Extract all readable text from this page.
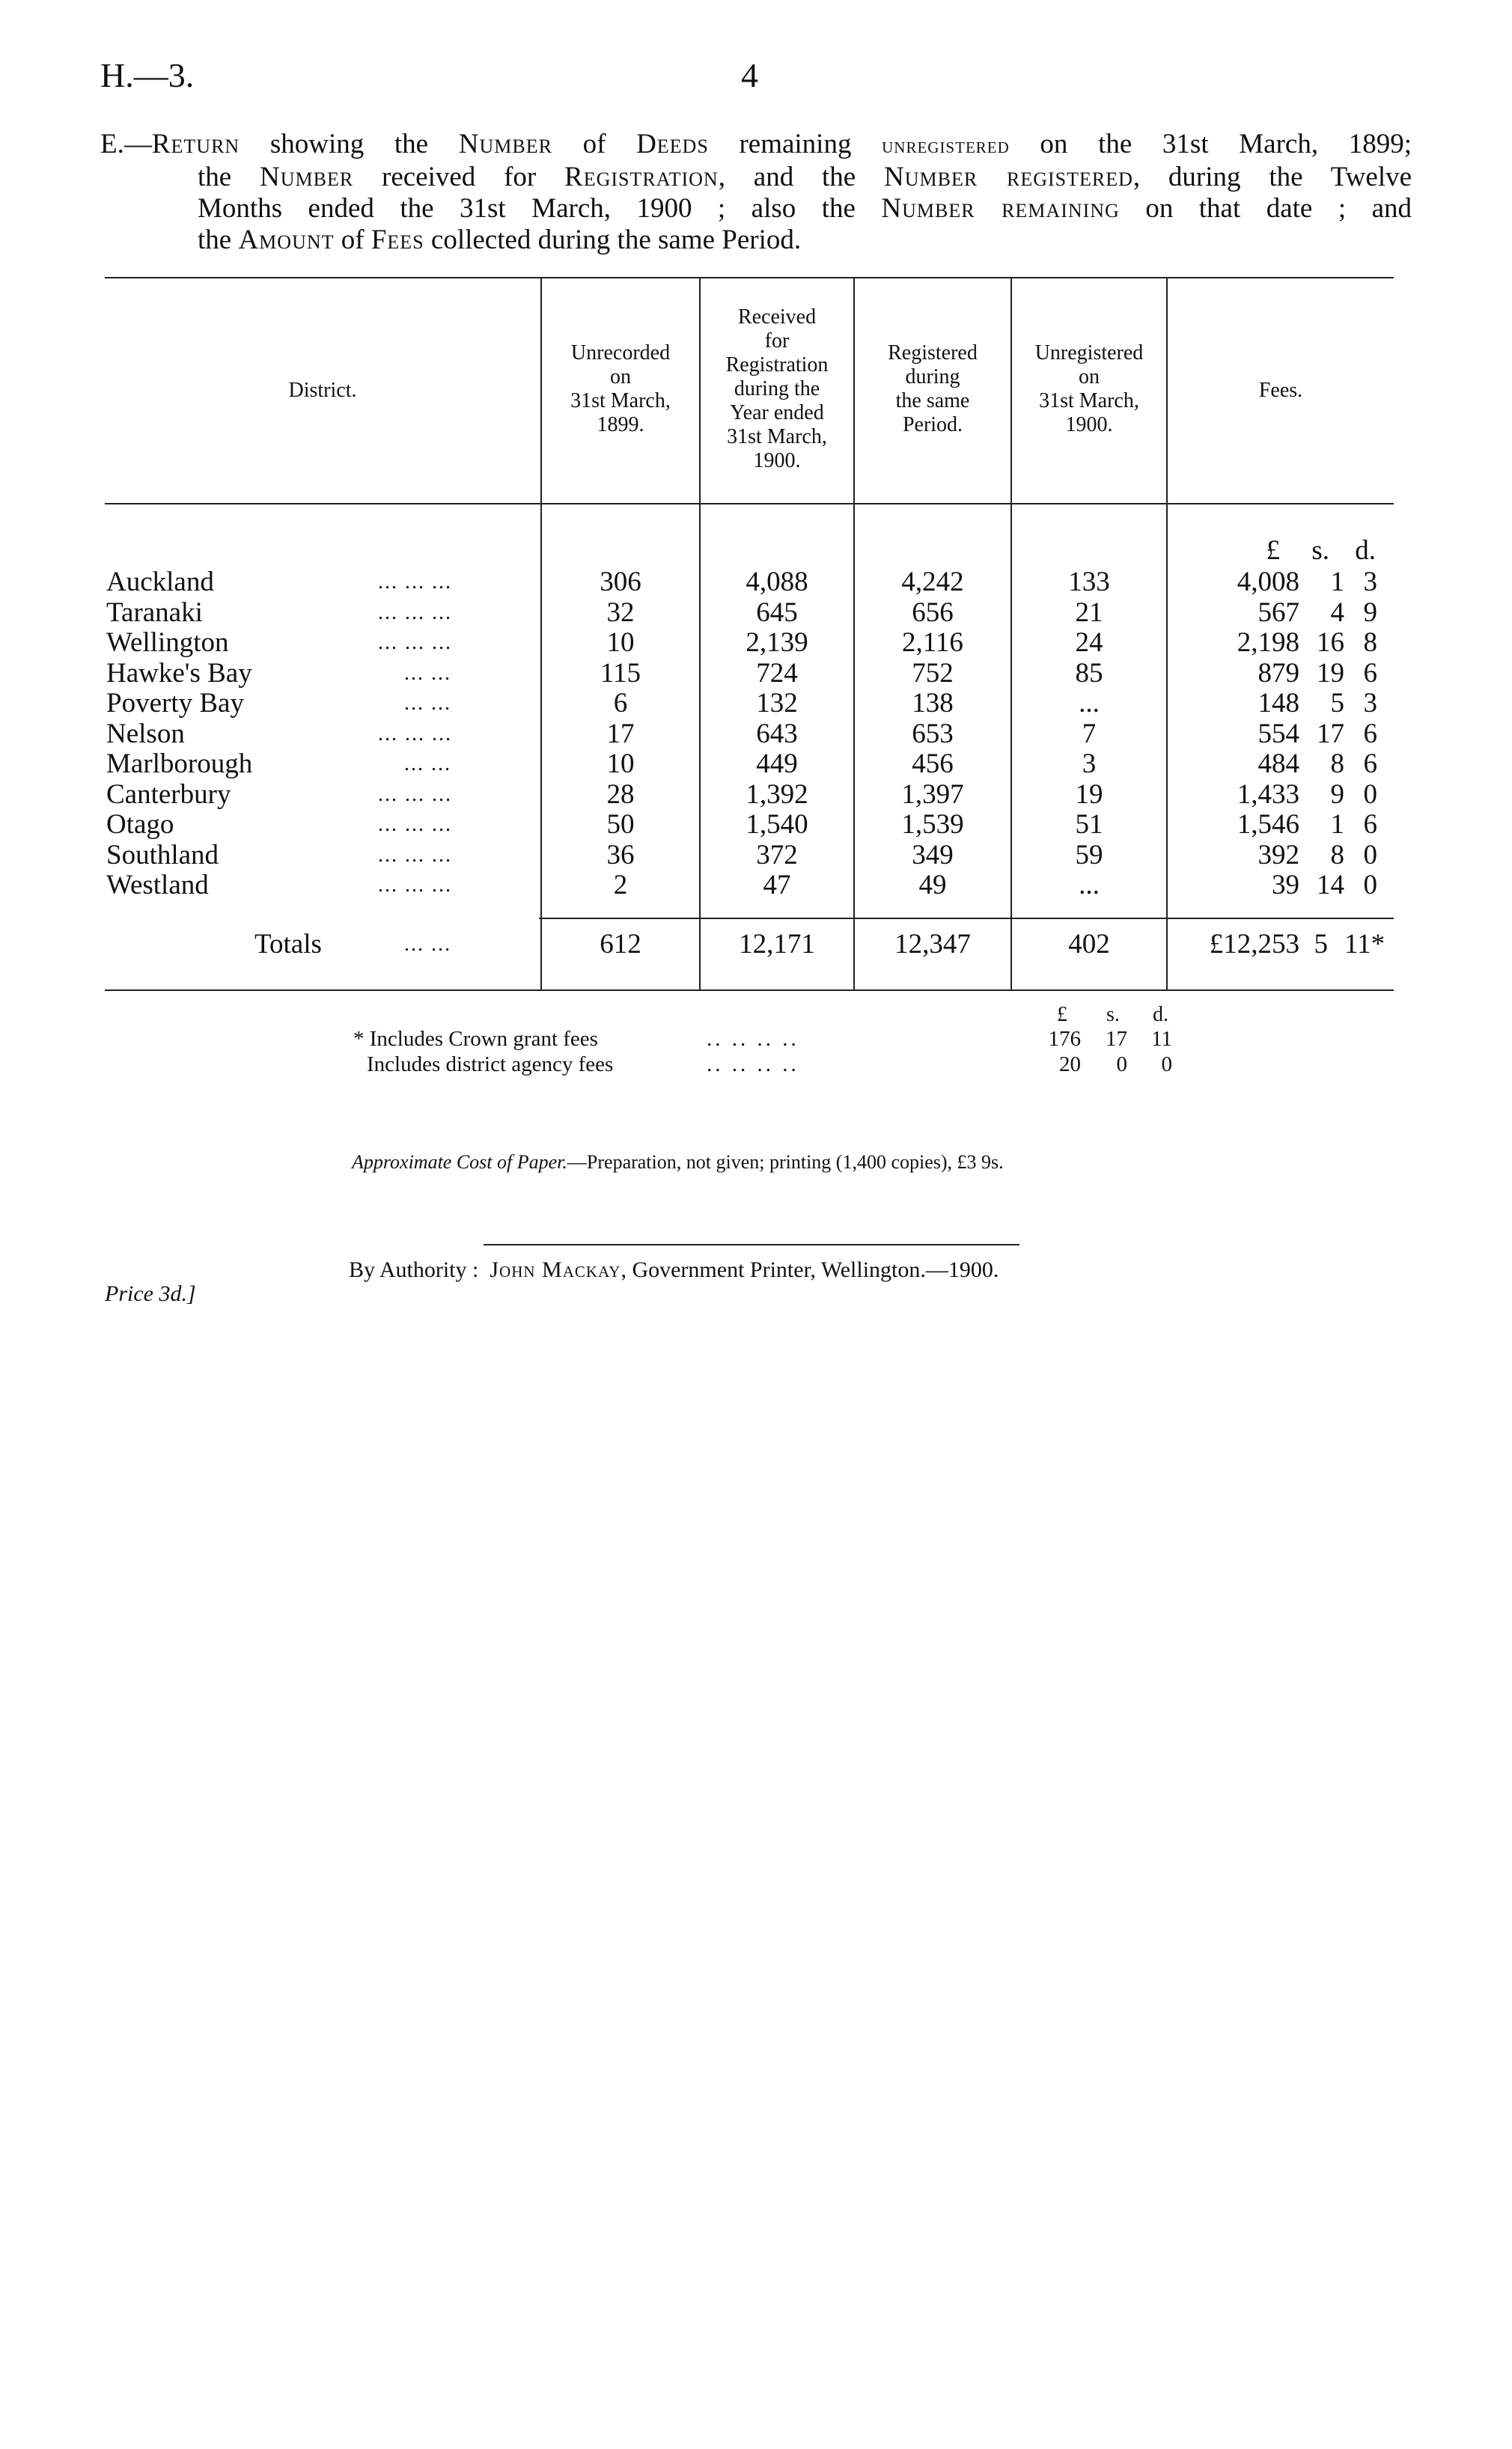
H.—3.	4
E.—Return showing the Number of Deeds remaining unregistered on the 31st March, 1899;
the Number received for Registration, and the Number registered, during the Twelve
Months ended the 31st March, 1900 ; also the Number remaining on that date ; and
the Amount of Fees collected during the same Period.
District.
Unrecorded
on
31st March,
1899.
Received
for
Registration
during the
Year ended
31st March,
1900.
Registered
during
the same
Period.
Unregistered
on
31st March,
1900.
Fees.
£	s. d.
Auckland	... ... ...	306	4,088	4,242	133	4,008	1 3
Taranaki	... ... ...	32	645	656	21	567	4 9
Wellington	... ... ...	10	2,139	2,116	24	2,198 16 8
Hawke's Bay	... ...	115	724	752	85	879 19 6
Poverty Bay	... ...	6	132	138	...	148	5 3
Nelson	... ... ...	17	643	653	7	554 17 6
Marlborough	... ...	10	449	456	3	484	8 6
Canterbury	... ... ...	28	1,392	1,397	19	1,433	9 0
Otago	... ... ...	50	1,540	1,539	51	1,546	1 6
Southland	... ... ...	36	372	349	59	392	8 0
Westland	... ... ...	2	47	49	...	39 14 0
Totals	... ...	612	12,171	12,347	402	£12,253 5 11*
£ s. d.
* Includes Crown grant fees	.. .. .. ..	176 17 11
Includes district agency fees	.. .. .. ..	20	0	0
Approximate Cost of Paper.—Preparation, not given; printing (1,400 copies), £3 9s.
By Authority : John Mackay, Government Printer, Wellington.—1900.
Price 3d.]
